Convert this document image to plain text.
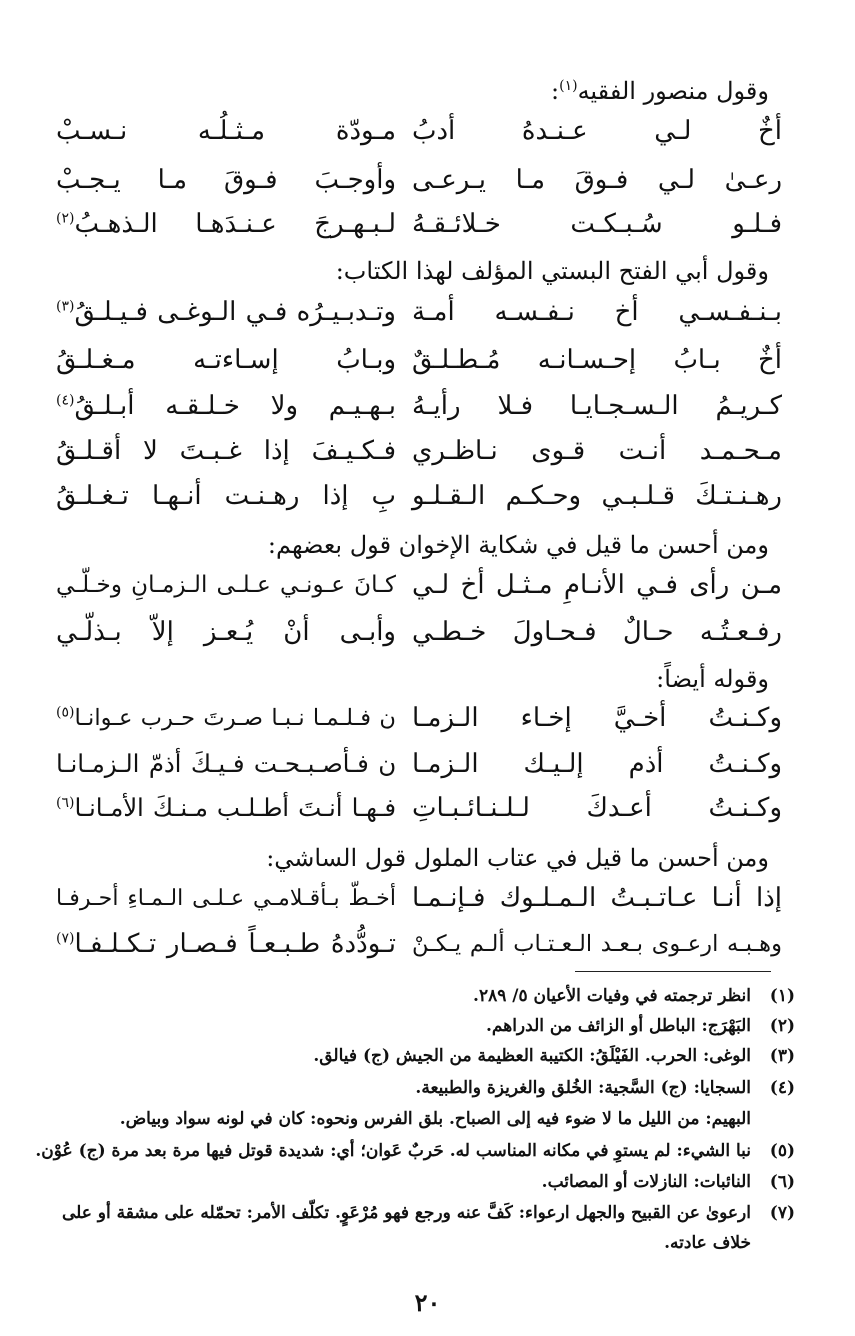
وقول منصور الفقيه$^{(١)}$:
أخٌ لـي عـنـدهُ أدبُ
مـودّة مـثـلُـه نـسـبْ
رعـىٰ لـي فـوقَ مـا يـرعـى
وأوجـبَ فـوقَ مـا يـجـبْ
فـلـو سُـبـكـت خـلائـقـهُ
لـبـهـرجَ عـنـدَهـا الـذهـبُ$^{(٢)}$
وقول أبي الفتح البستي المؤلف لهذا الكتاب:
بـنـفـسـي أخ نـفـسـه أمـة
وتـدبـيـرُه فـي الـوغـى فـيـلـقُ$^{(٣)}$
أخٌ بـابُ إحـسـانـه مُـطـلـقٌ
وبـابُ إسـاءتـه مـغـلـقُ
كـريـمُ الـسـجـايـا فـلا رأيـهُ
بـهـيـم ولا خـلـقـه أبـلـقُ$^{(٤)}$
مـحـمـد أنـت قـوى نـاظـري
فـكـيـفَ إذا غـبـتَ لا أقـلـقُ
رهـنـتـكَ قـلـبـي وحـكـم الـقـلـو
بِ إذا رهـنـت أنـهـا تـغـلـقُ
ومن أحسن ما قيل في شكاية الإخوان قول بعضهم:
مـن رأى فـي الأنـامِ مـثـل أخ لـي
كـانَ عـونـي عـلـى الـزمـانِ وخـلّـي
رفـعـتُـه حـالٌ فـحـاولَ خـطـي
وأبـى أنْ يُـعـز إلاّ بـذلّـي
وقوله أيضاً:
وكـنـتُ أخـيَّ إخـاء الـزمـا
ن فـلـمـا نـبـا صـرتَ حـرب عـوانـا$^{(٥)}$
وكـنـتُ أذم إلـيـك الـزمـا
ن فـأصـبـحـت فـيـكَ أذمّ الـزمـانـا
وكـنـتُ أعـدكَ لـلـنـائـبـاتِ
فـهـا أنـتَ أطـلـب مـنـكَ الأمـانـا$^{(٦)}$
ومن أحسن ما قيل في عتاب الملول قول الساشي:
إذا أنـا عـاتـبـتُ الـمـلـوك فـإنـمـا
أخـطّ بـأقـلامـي عـلـى الـمـاءِ أحـرفـا
وهـبـه ارعـوى بـعـد الـعـتـاب ألـم يـكـنْ
تـودُّدهُ طـبـعـاً فـصـار تـكـلـفـا$^{(٧)}$
(١)انظر ترجمته في وفيات الأعيان ٥/ ٢٨٩.
(٢)البَهْرَج: الباطل أو الزائف من الدراهم.
(٣)الوغى: الحرب. الفَيْلَقُ: الكتيبة العظيمة من الجيش (ج) فيالق.
(٤)السجايا: (ج) السَّجية: الخُلق والغريزة والطبيعة.
البهيم: من الليل ما لا ضوء فيه إلى الصباح. بلق الفرس ونحوه: كان في لونه سواد وبياض.
(٥)نبا الشيء: لم يستوِ في مكانه المناسب له. حَربٌ عَوان؛ أي: شديدة قوتل فيها مرة بعد مرة (ج) عُوْن.
(٦)النائبات: النازلات أو المصائب.
(٧)ارعوىٰ عن القبيح والجهل ارعواء: كَفَّ عنه ورجع فهو مُرْعَوٍ. تكلّف الأمر: تحمّله على مشقة أو على
خلاف عادته.
٢٠
